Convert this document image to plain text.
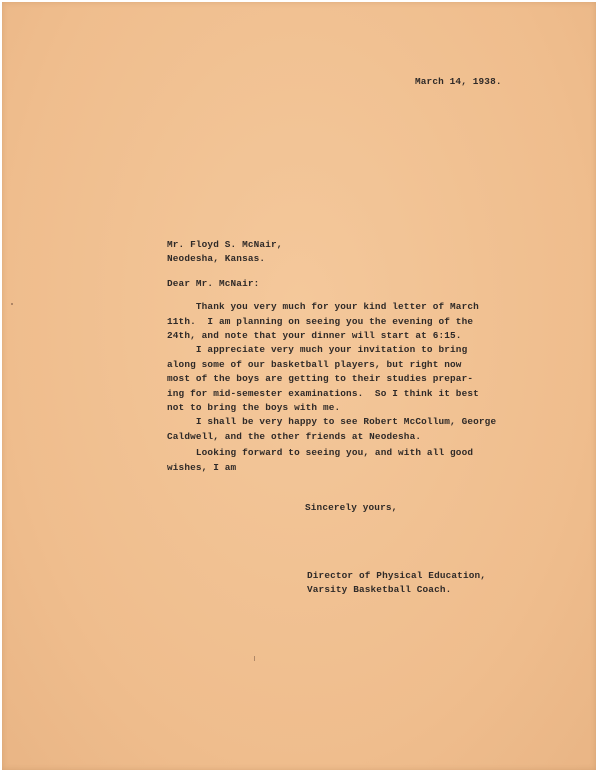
March 14, 1938.

Mr. Floyd S. McNair,

Neodesha, Kansas.

Dear Mr. McNair:

Thank you very much for your kind letter of March
11th.  I am planning on seeing you the evening of the
24th, and note that your dinner will start at 6:15.
I appreciate very much your invitation to bring
along some of our basketball players, but right now
most of the boys are getting to their studies prepar-
ing for mid-semester examinations.  So I think it best
not to bring the boys with me.
I shall be very happy to see Robert McCollum, George
Caldwell, and the other friends at Neodesha.
Looking forward to seeing you, and with all good
wishes, I am

Sincerely yours,

Director of Physical Education,

Varsity Basketball Coach.
